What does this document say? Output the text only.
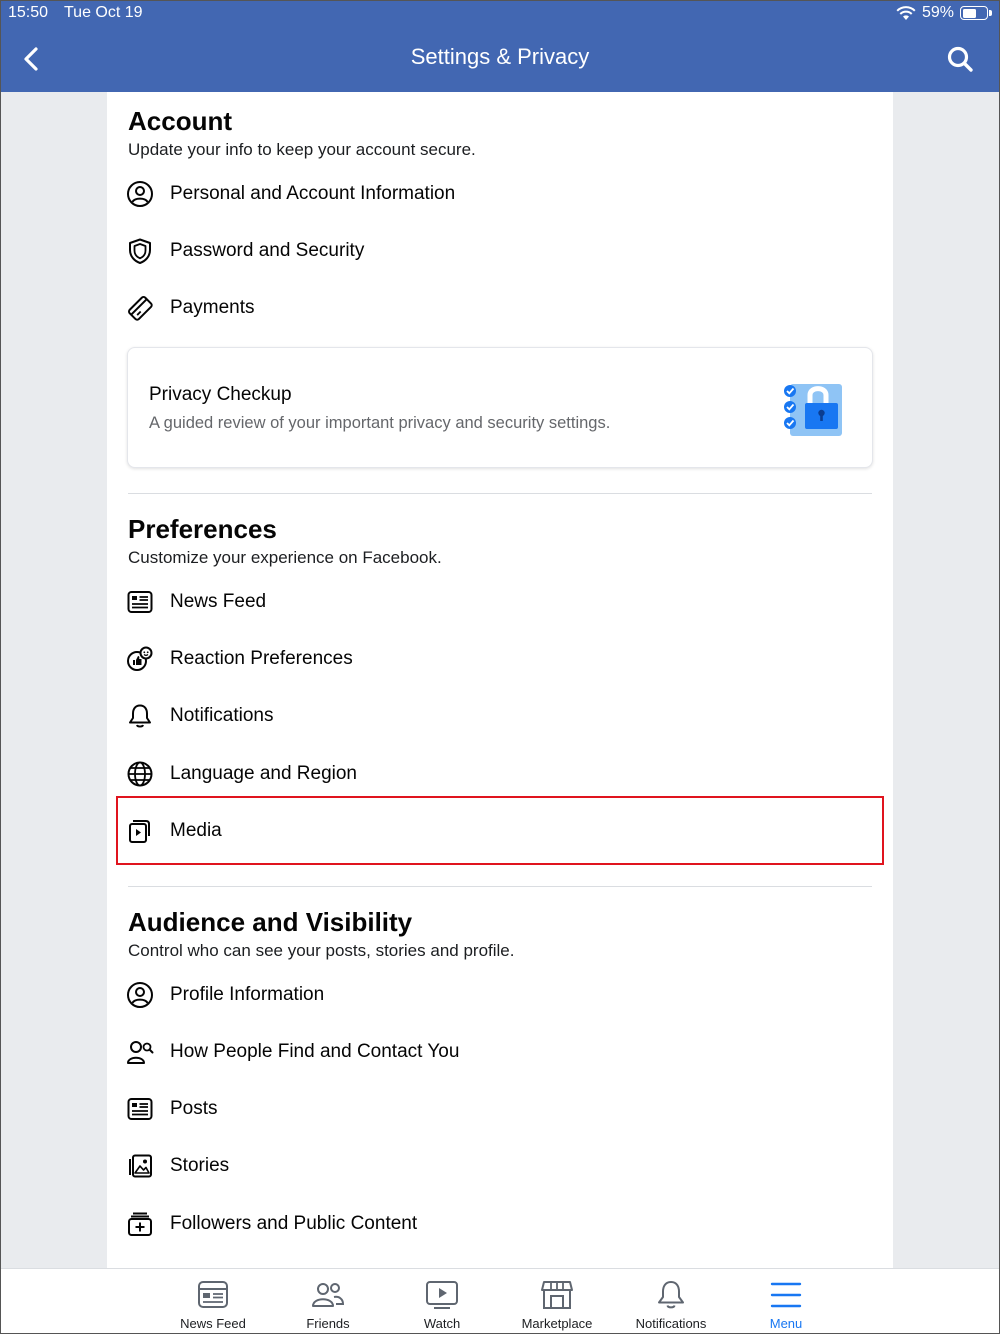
15:50 Tue Oct 19	59%
Settings & Privacy
Account
Update your info to keep your account secure.
Personal and Account Information
Password and Security
Payments
Privacy Checkup
A guided review of your important privacy and security settings.
Preferences
Customize your experience on Facebook.
News Feed
Reaction Preferences
Notifications
Language and Region
Media
Audience and Visibility
Control who can see your posts, stories and profile.
Profile Information
How People Find and Contact You
Posts
Stories
Followers and Public Content
News Feed	Friends	Watch	Marketplace	Notifications	Menu
